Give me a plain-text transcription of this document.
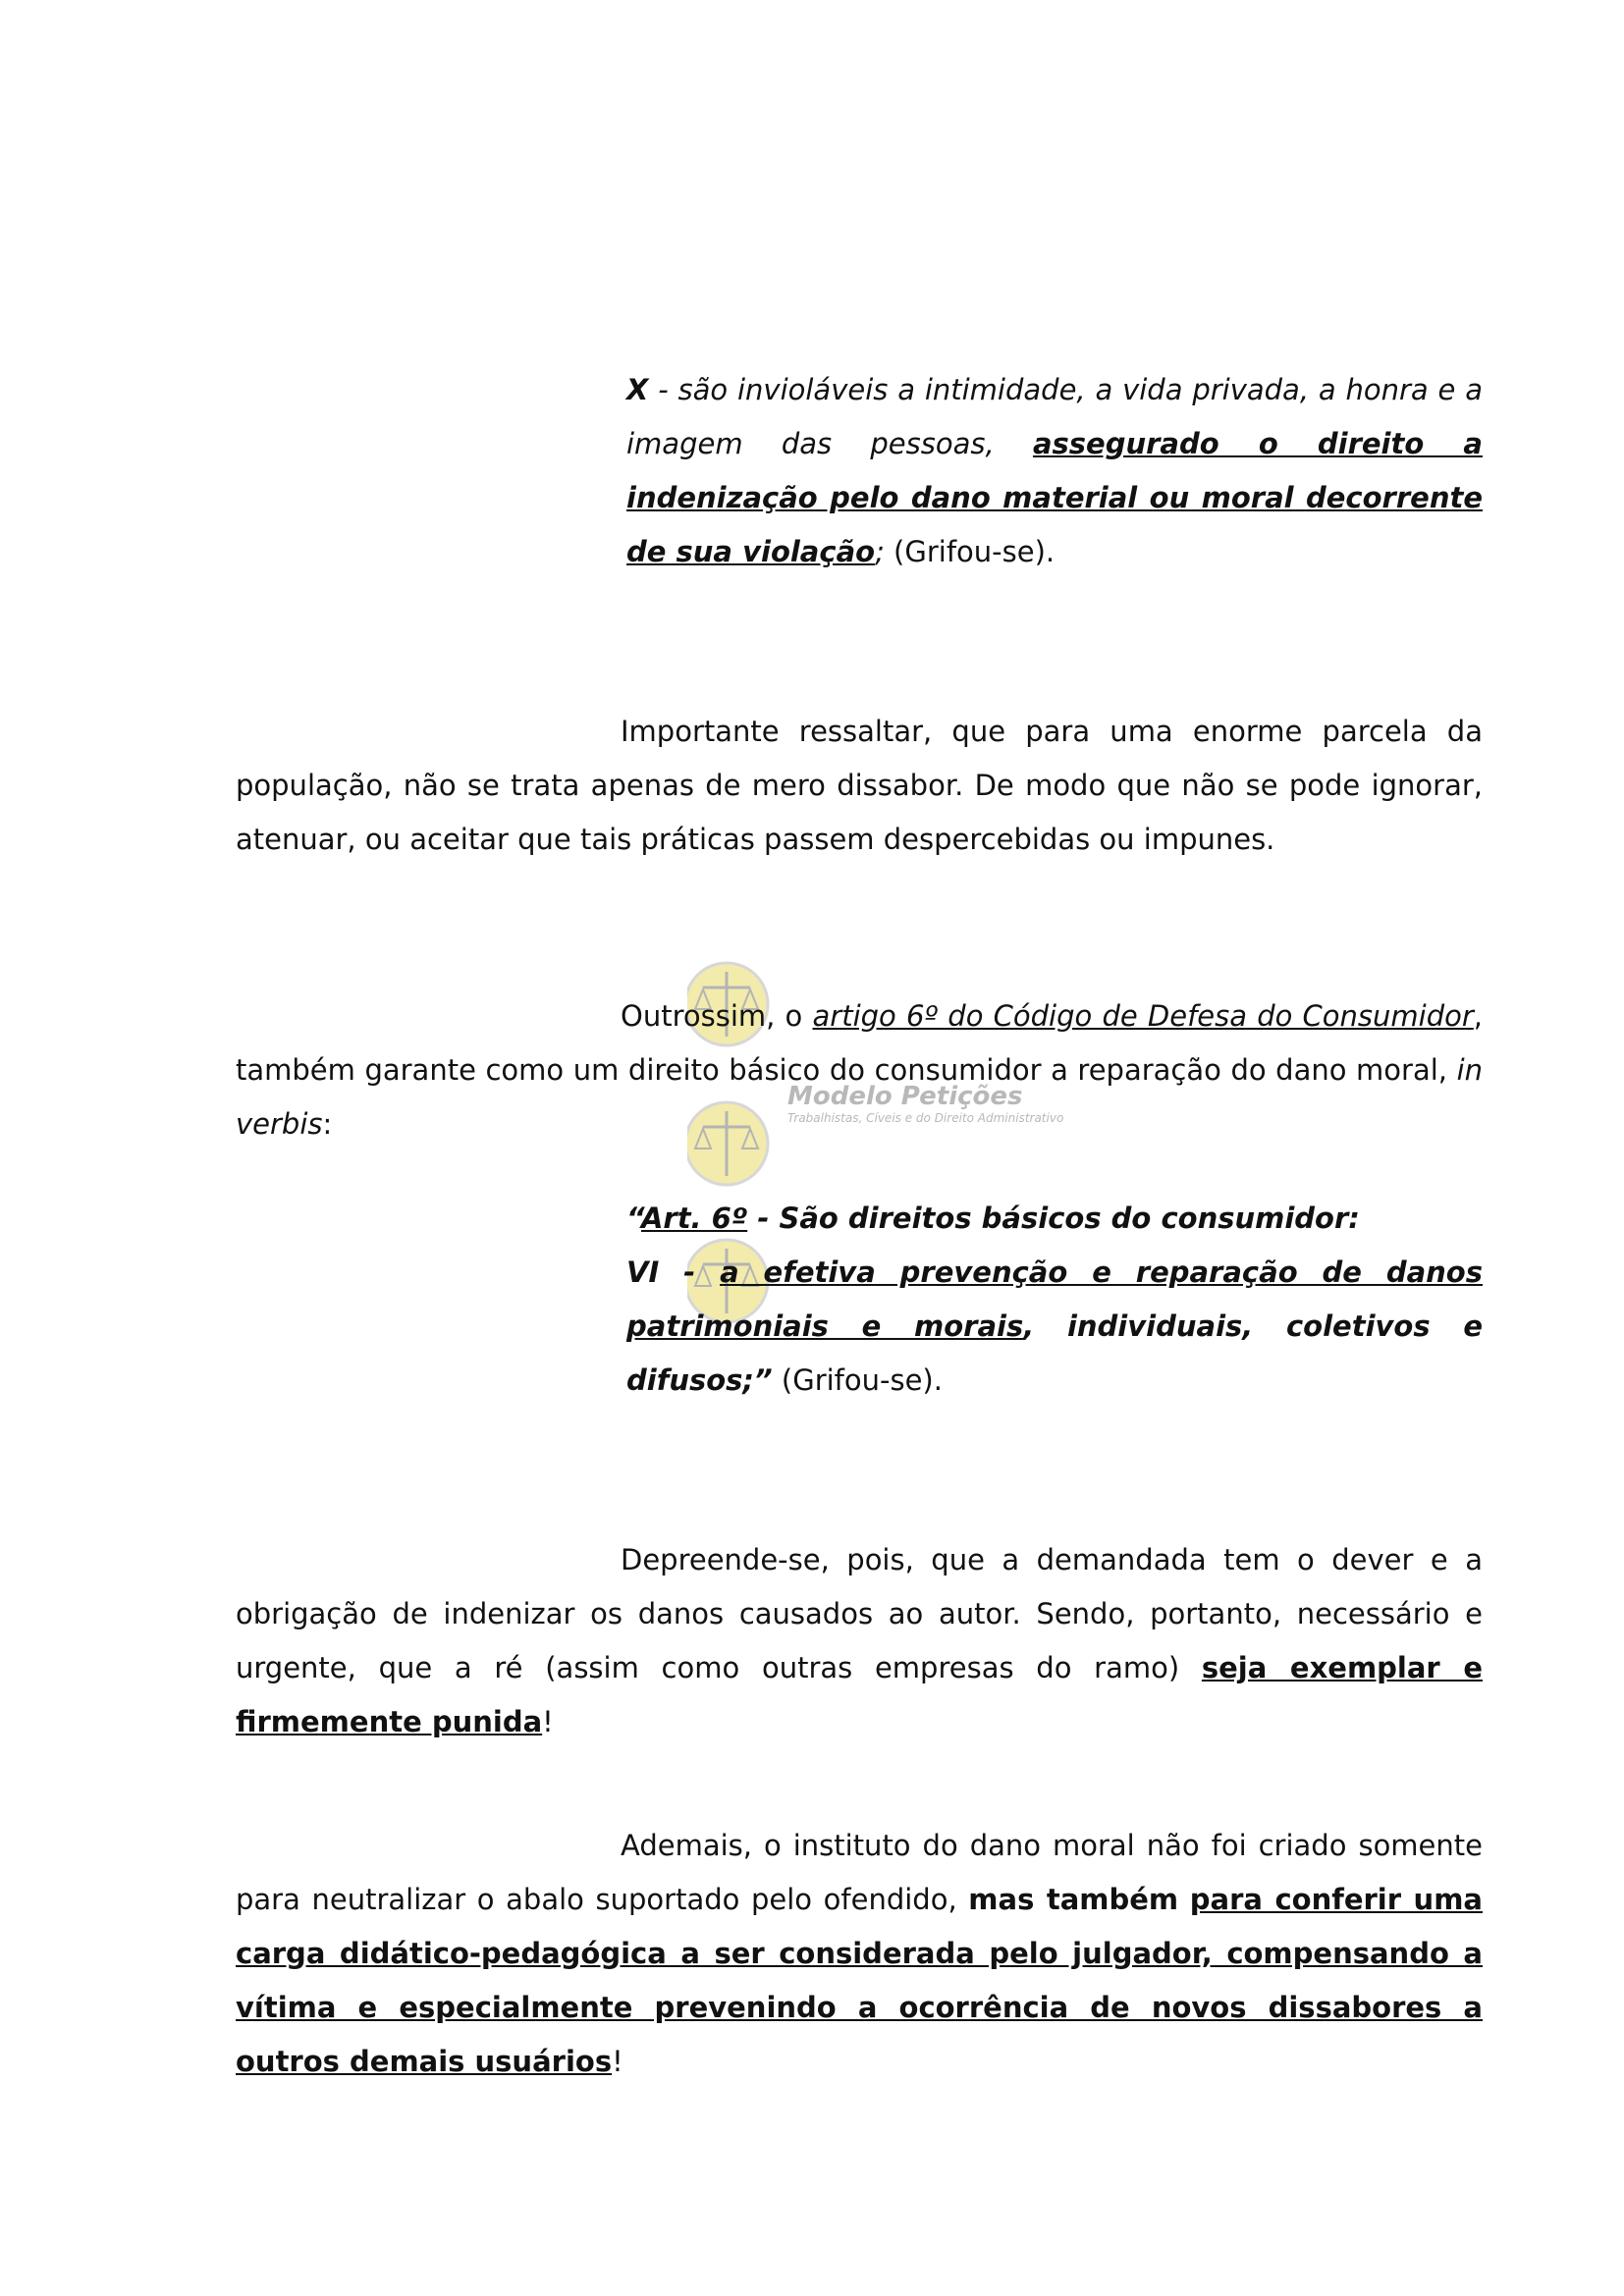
X - são invioláveis a intimidade, a vida privada, a honra e a imagem das pessoas, assegurado o direito a indenização pelo dano material ou moral decorrente de sua violação; (Grifou-se).
Importante ressaltar, que para uma enorme parcela da população, não se trata apenas de mero dissabor. De modo que não se pode ignorar, atenuar, ou aceitar que tais práticas passem despercebidas ou impunes.
Modelo Petições
Trabalhistas, Cíveis e do Direito Administrativo
Outrossim, o artigo 6º do Código de Defesa do Consumidor, também garante como um direito básico do consumidor a reparação do dano moral, in verbis:
“Art. 6º - São direitos básicos do consumidor:
VI - a efetiva prevenção e reparação de danos patrimoniais e morais, individuais, coletivos e difusos;” (Grifou-se).
Depreende-se, pois, que a demandada tem o dever e a obrigação de indenizar os danos causados ao autor. Sendo, portanto, necessário e urgente, que a ré (assim como outras empresas do ramo) seja exemplar e firmemente punida!
Ademais, o instituto do dano moral não foi criado somente para neutralizar o abalo suportado pelo ofendido, mas também para conferir uma carga didático-pedagógica a ser considerada pelo julgador, compensando a vítima e especialmente prevenindo a ocorrência de novos dissabores a outros demais usuários!
